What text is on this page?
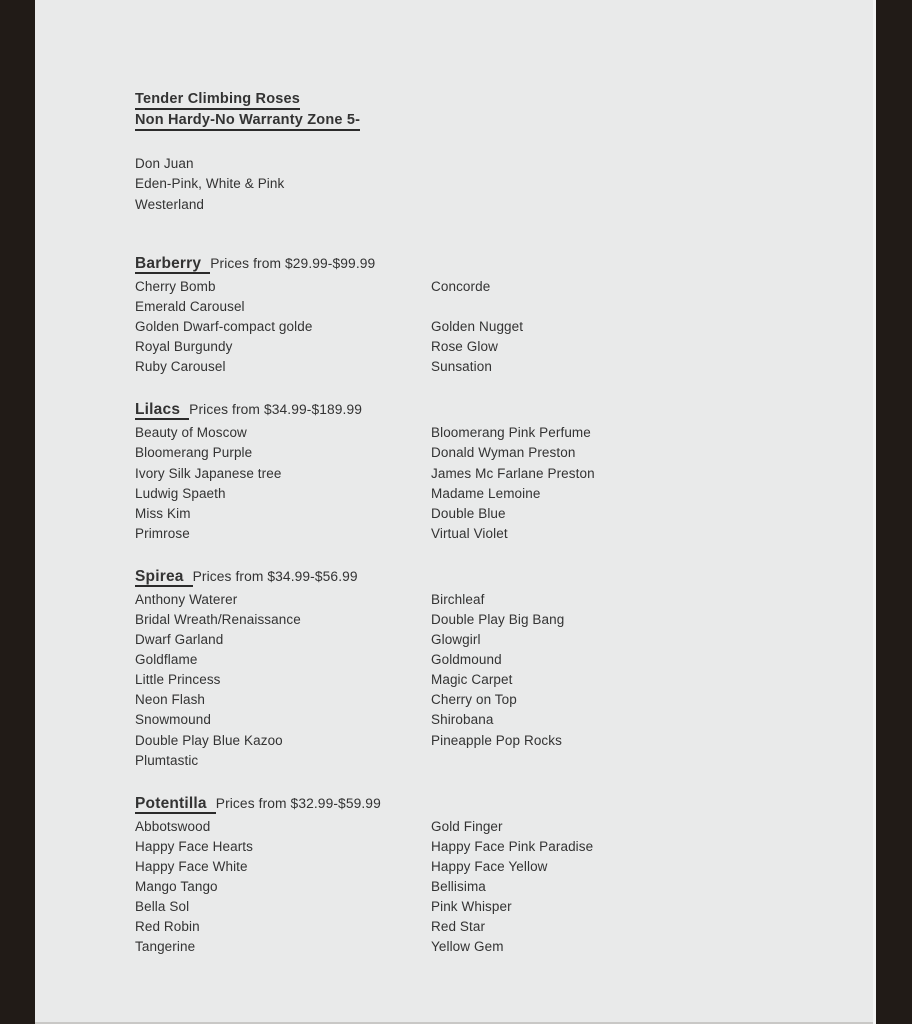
Tender Climbing Roses
Non Hardy-No Warranty Zone 5-
Don Juan
Eden-Pink, White & Pink
Westerland
Barberry Prices from $29.99-$99.99
Cherry Bomb	Concorde
Emerald Carousel
Golden Dwarf-compact golde	Golden Nugget
Royal Burgundy	Rose Glow
Ruby Carousel	Sunsation
Lilacs Prices from $34.99-$189.99
Beauty of Moscow	Bloomerang Pink Perfume
Bloomerang Purple	Donald Wyman Preston
Ivory Silk Japanese tree	James Mc Farlane Preston
Ludwig Spaeth	Madame Lemoine
Miss Kim	Double Blue
Primrose	Virtual Violet
Spirea Prices from $34.99-$56.99
Anthony Waterer	Birchleaf
Bridal Wreath/Renaissance	Double Play Big Bang
Dwarf Garland	Glowgirl
Goldflame	Goldmound
Little Princess	Magic Carpet
Neon Flash	Cherry on Top
Snowmound	Shirobana
Double Play Blue Kazoo	Pineapple Pop Rocks
Plumtastic
Potentilla Prices from $32.99-$59.99
Abbotswood	Gold Finger
Happy Face Hearts	Happy Face Pink Paradise
Happy Face White	Happy Face Yellow
Mango Tango	Bellisima
Bella Sol	Pink Whisper
Red Robin	Red Star
Tangerine	Yellow Gem
